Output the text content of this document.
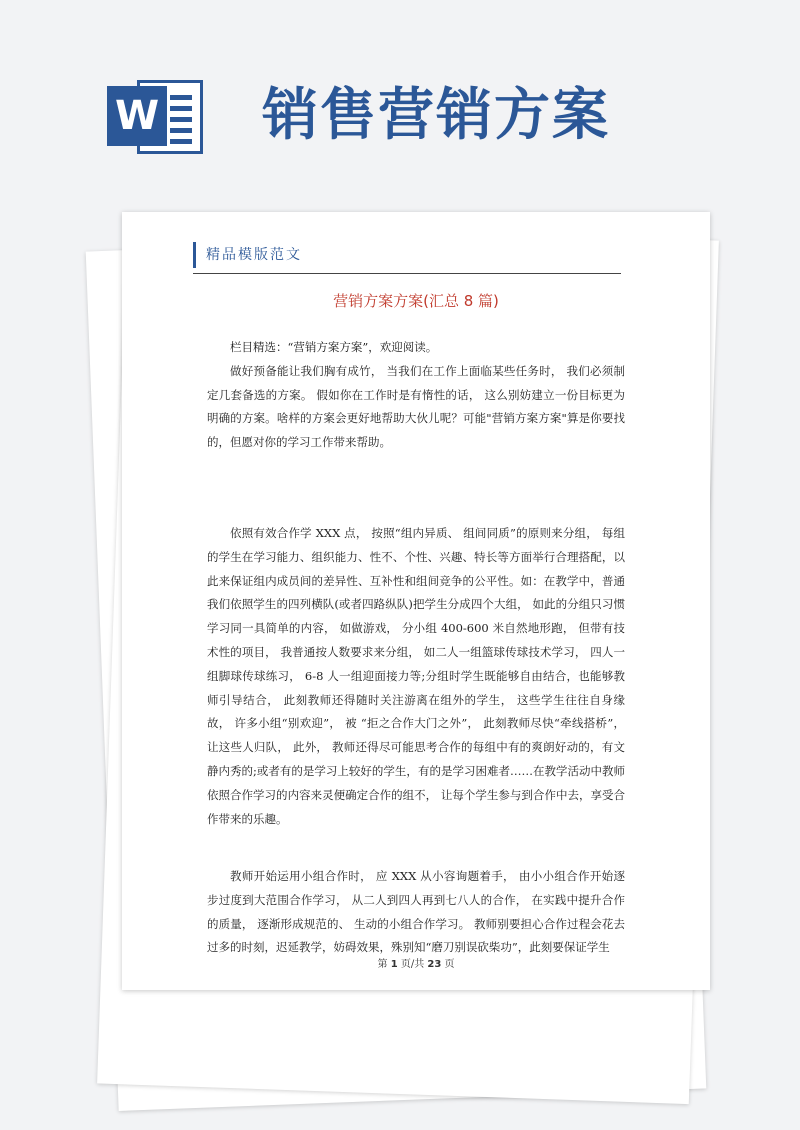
W 销售营销方案
精品模版范文
营销方案方案(汇总 8 篇)

栏目精选：“营销方案方案”，欢迎阅读。

做好预备能让我们胸有成竹， 当我们在工作上面临某些任务时， 我们必须制定几套备选的方案。 假如你在工作时是有惰性的话， 这么别妨建立一份目标更为明确的方案。啥样的方案会更好地帮助大伙儿呢？可能"营销方案方案"算是你要找的，但愿对你的学习工作带来帮助。

依照有效合作学 XXX 点， 按照“组内异质、 组间同质”的原则来分组， 每组的学生在学习能力、组织能力、性不、个性、兴趣、特长等方面举行合理搭配，以此来保证组内成员间的差异性、互补性和组间竞争的公平性。如：在教学中，普通我们依照学生的四列横队(或者四路纵队)把学生分成四个大组， 如此的分组只习惯学习同一具简单的内容， 如做游戏， 分小组 400-600 米自然地形跑， 但带有技术性的项目， 我普通按人数要求来分组， 如二人一组篮球传球技术学习， 四人一组脚球传球练习， 6-8 人一组迎面接力等;分组时学生既能够自由结合，也能够教师引导结合， 此刻教师还得随时关注游离在组外的学生， 这些学生往往自身缘故， 许多小组“别欢迎”， 被 “拒之合作大门之外”， 此刻教师尽快“牵线搭桥”， 让这些人归队， 此外， 教师还得尽可能思考合作的每组中有的爽朗好动的，有文静内秀的;或者有的是学习上较好的学生，有的是学习困难者……在教学活动中教师依照合作学习的内容来灵便确定合作的组不， 让每个学生参与到合作中去，享受合作带来的乐趣。

教师开始运用小组合作时， 应 XXX 从小容询题着手， 由小小组合作开始逐步过度到大范围合作学习， 从二人到四人再到七八人的合作， 在实践中提升合作的质量， 逐渐形成规范的、 生动的小组合作学习。 教师别要担心合作过程会花去过多的时刻，迟延教学，妨碍效果，殊别知“磨刀别误砍柴功”，此刻要保证学生

第 1 页/共 23 页
